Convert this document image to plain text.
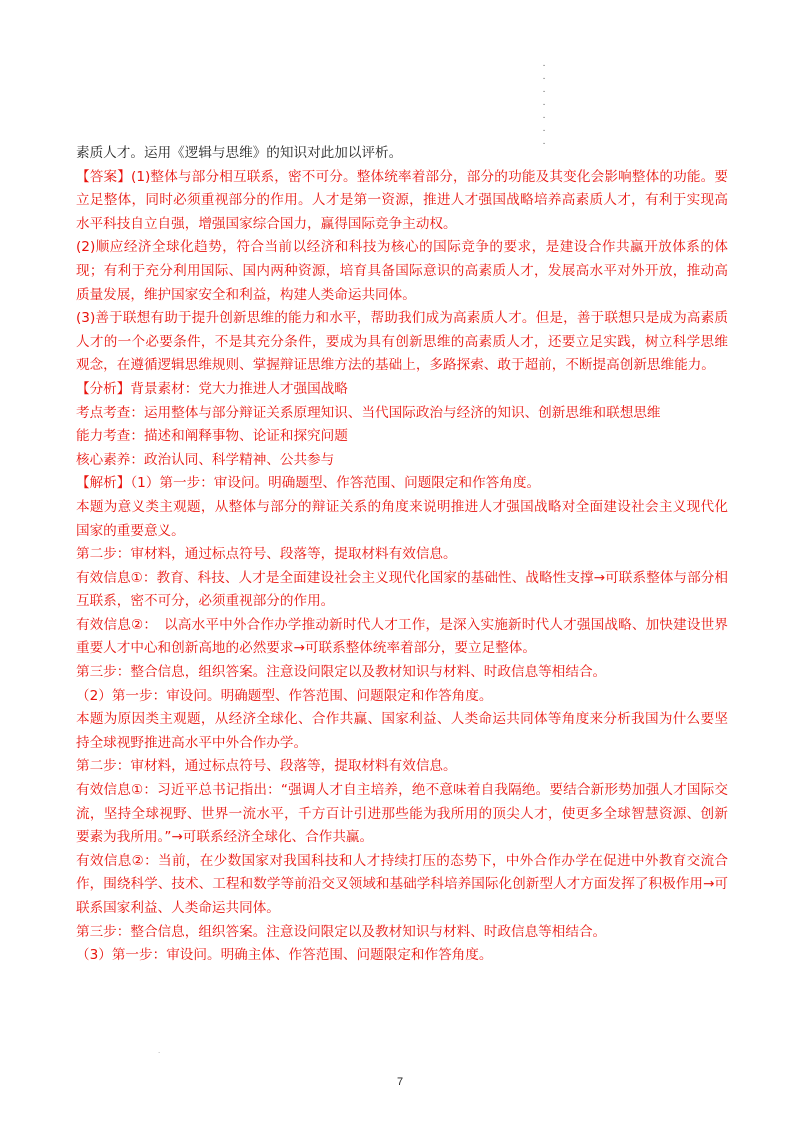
.
.
.
.
.
.
.

素质人才。运用《逻辑与思维》的知识对此加以评析。

【答案】(1)整体与部分相互联系，密不可分。整体统率着部分，部分的功能及其变化会影响整体的功能。要立足整体，同时必须重视部分的作用。人才是第一资源，推进人才强国战略培养高素质人才，有利于实现高水平科技自立自强，增强国家综合国力，赢得国际竞争主动权。

(2)顺应经济全球化趋势，符合当前以经济和科技为核心的国际竞争的要求，是建设合作共赢开放体系的体现；有利于充分利用国际、国内两种资源，培育具备国际意识的高素质人才，发展高水平对外开放，推动高质量发展，维护国家安全和利益，构建人类命运共同体。

(3)善于联想有助于提升创新思维的能力和水平，帮助我们成为高素质人才。但是，善于联想只是成为高素质人才的一个必要条件，不是其充分条件，要成为具有创新思维的高素质人才，还要立足实践，树立科学思维观念，在遵循逻辑思维规则、掌握辩证思维方法的基础上，多路探索、敢于超前，不断提高创新思维能力。

【分析】背景素材：党大力推进人才强国战略

考点考查：运用整体与部分辩证关系原理知识、当代国际政治与经济的知识、创新思维和联想思维

能力考查：描述和阐释事物、论证和探究问题

核心素养：政治认同、科学精神、公共参与

【解析】（1）第一步：审设问。明确题型、作答范围、问题限定和作答角度。

本题为意义类主观题，从整体与部分的辩证关系的角度来说明推进人才强国战略对全面建设社会主义现代化国家的重要意义。

第二步：审材料，通过标点符号、段落等，提取材料有效信息。

有效信息①：教育、科技、人才是全面建设社会主义现代化国家的基础性、战略性支撑→可联系整体与部分相互联系，密不可分，必须重视部分的作用。

有效信息②：　以高水平中外合作办学推动新时代人才工作，是深入实施新时代人才强国战略、加快建设世界重要人才中心和创新高地的必然要求→可联系整体统率着部分，要立足整体。

第三步：整合信息，组织答案。注意设问限定以及教材知识与材料、时政信息等相结合。

（2）第一步：审设问。明确题型、作答范围、问题限定和作答角度。

本题为原因类主观题，从经济全球化、合作共赢、国家利益、人类命运共同体等角度来分析我国为什么要坚持全球视野推进高水平中外合作办学。

第二步：审材料，通过标点符号、段落等，提取材料有效信息。

有效信息①：习近平总书记指出：“强调人才自主培养，绝不意味着自我隔绝。要结合新形势加强人才国际交流，坚持全球视野、世界一流水平，千方百计引进那些能为我所用的顶尖人才，使更多全球智慧资源、创新要素为我所用。”→可联系经济全球化、合作共赢。

有效信息②：当前，在少数国家对我国科技和人才持续打压的态势下，中外合作办学在促进中外教育交流合作，围绕科学、技术、工程和数学等前沿交叉领域和基础学科培养国际化创新型人才方面发挥了积极作用→可联系国家利益、人类命运共同体。

第三步：整合信息，组织答案。注意设问限定以及教材知识与材料、时政信息等相结合。

（3）第一步：审设问。明确主体、作答范围、问题限定和作答角度。

.
7
